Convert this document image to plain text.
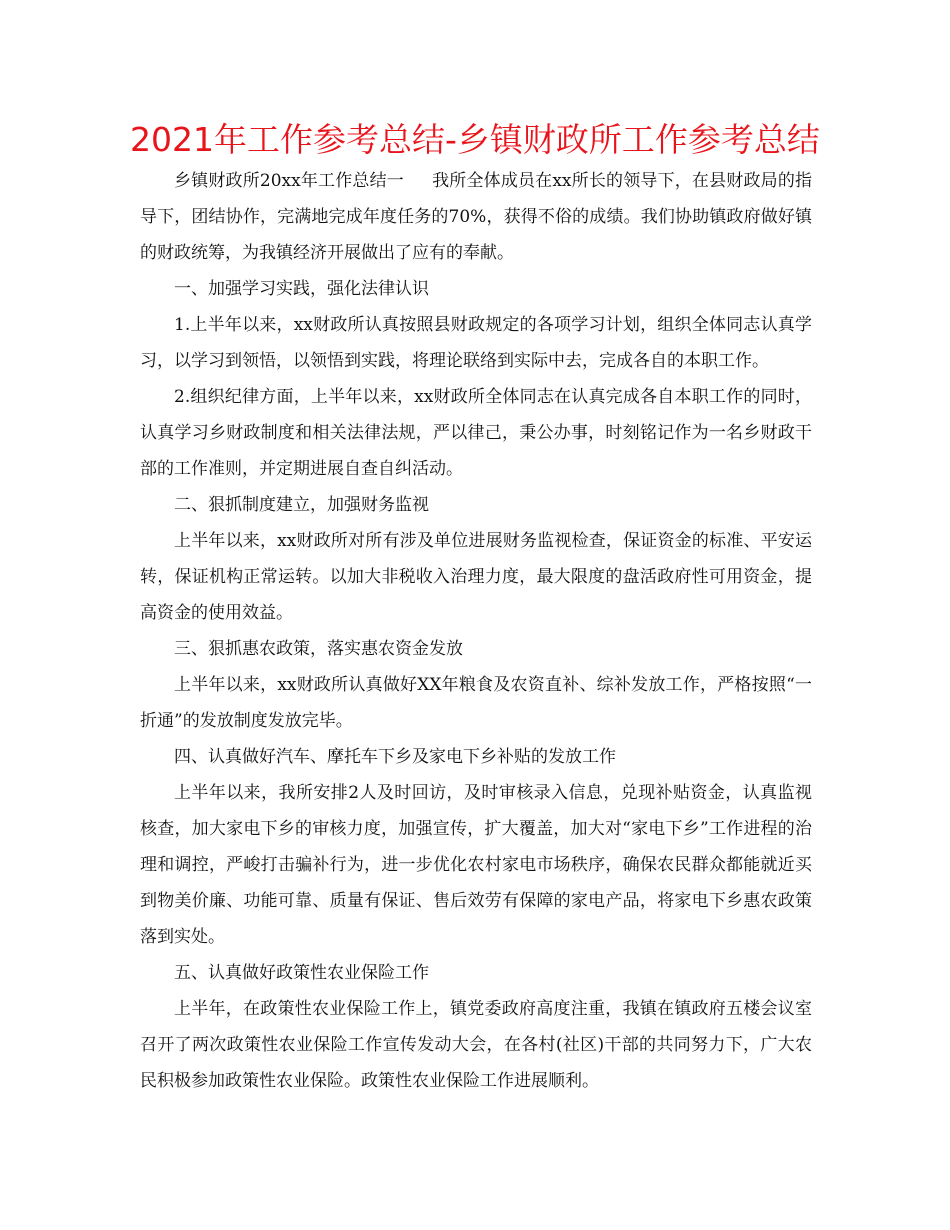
2021年工作参考总结-乡镇财政所工作参考总结

乡镇财政所20xx年工作总结一 我所全体成员在xx所长的领导下，在县财政局的指导下，团结协作，完满地完成年度任务的70%，获得不俗的成绩。我们协助镇政府做好镇的财政统筹，为我镇经济开展做出了应有的奉献。

一、加强学习实践，强化法律认识

1.上半年以来，xx财政所认真按照县财政规定的各项学习计划，组织全体同志认真学习，以学习到领悟，以领悟到实践，将理论联络到实际中去，完成各自的本职工作。

2.组织纪律方面，上半年以来，xx财政所全体同志在认真完成各自本职工作的同时，认真学习乡财政制度和相关法律法规，严以律己，秉公办事，时刻铭记作为一名乡财政干部的工作准则，并定期进展自查自纠活动。

二、狠抓制度建立，加强财务监视

上半年以来，xx财政所对所有涉及单位进展财务监视检查，保证资金的标准、平安运转，保证机构正常运转。以加大非税收入治理力度，最大限度的盘活政府性可用资金，提高资金的使用效益。

三、狠抓惠农政策，落实惠农资金发放

上半年以来，xx财政所认真做好XX年粮食及农资直补、综补发放工作，严格按照“一折通”的发放制度发放完毕。

四、认真做好汽车、摩托车下乡及家电下乡补贴的发放工作

上半年以来，我所安排2人及时回访，及时审核录入信息，兑现补贴资金，认真监视核查，加大家电下乡的审核力度，加强宣传，扩大覆盖，加大对“家电下乡”工作进程的治理和调控，严峻打击骗补行为，进一步优化农村家电市场秩序，确保农民群众都能就近买到物美价廉、功能可靠、质量有保证、售后效劳有保障的家电产品，将家电下乡惠农政策落到实处。

五、认真做好政策性农业保险工作

上半年，在政策性农业保险工作上，镇党委政府高度注重，我镇在镇政府五楼会议室召开了两次政策性农业保险工作宣传发动大会，在各村(社区)干部的共同努力下，广大农民积极参加政策性农业保险。政策性农业保险工作进展顺利。
